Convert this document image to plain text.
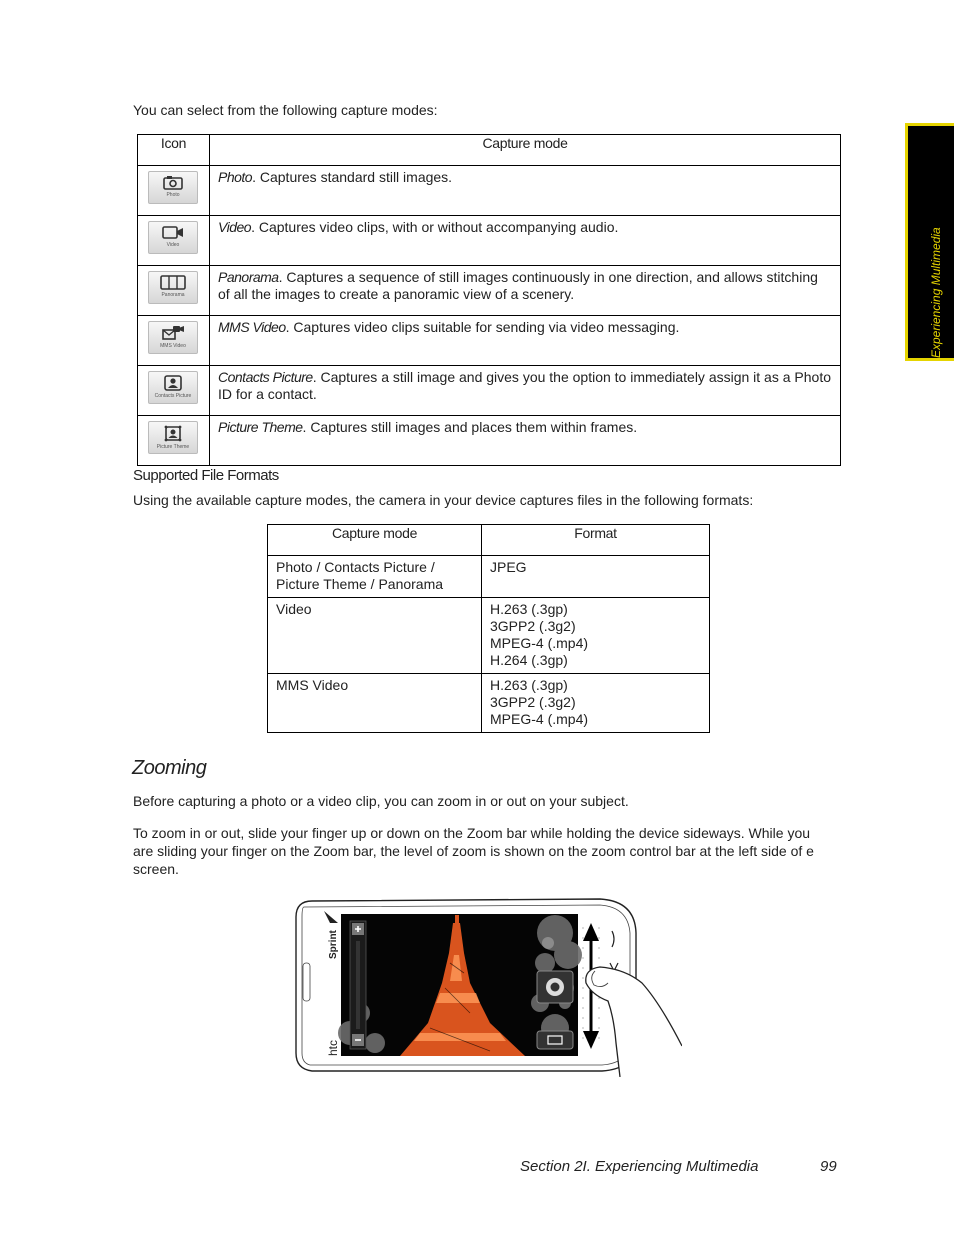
You can select from the following capture modes:
Icon	Capture mode

Photo	Photo. Captures standard still images.

Video	Video. Captures video clips, with or without accompanying audio.

Panorama	Panorama. Captures a sequence of still images continuously in one direction, and allows stitching of all the images to create a panoramic view of a scenery.

MMS Video	MMS Video. Captures video clips suitable for sending via video messaging.

Contacts Picture	Contacts Picture. Captures a still image and gives you the option to immediately assign it as a Photo ID for a contact.

Picture Theme	Picture Theme. Captures still images and places them within frames.
Supported File Formats
Using the available capture modes, the camera in your device captures files in the following formats:
Capture mode	Format

Photo / Contacts Picture /
Picture Theme / Panorama	JPEG

Video	H.263 (.3gp)
3GPP2 (.3g2)
MPEG-4 (.mp4)
H.264 (.3gp)

MMS Video	H.263 (.3gp)
3GPP2 (.3g2)
MPEG-4 (.mp4)
Zooming
Before capturing a photo or a video clip, you can zoom in or out on your subject.
To zoom in or out, slide your finger up or down on the Zoom bar while holding the device sideways. While you are sliding your finger on the Zoom bar, the level of zoom is shown on the zoom control bar at the left side of e screen.
Sprint
htc
Experiencing Multimedia
Section 2I. Experiencing Multimedia	99
